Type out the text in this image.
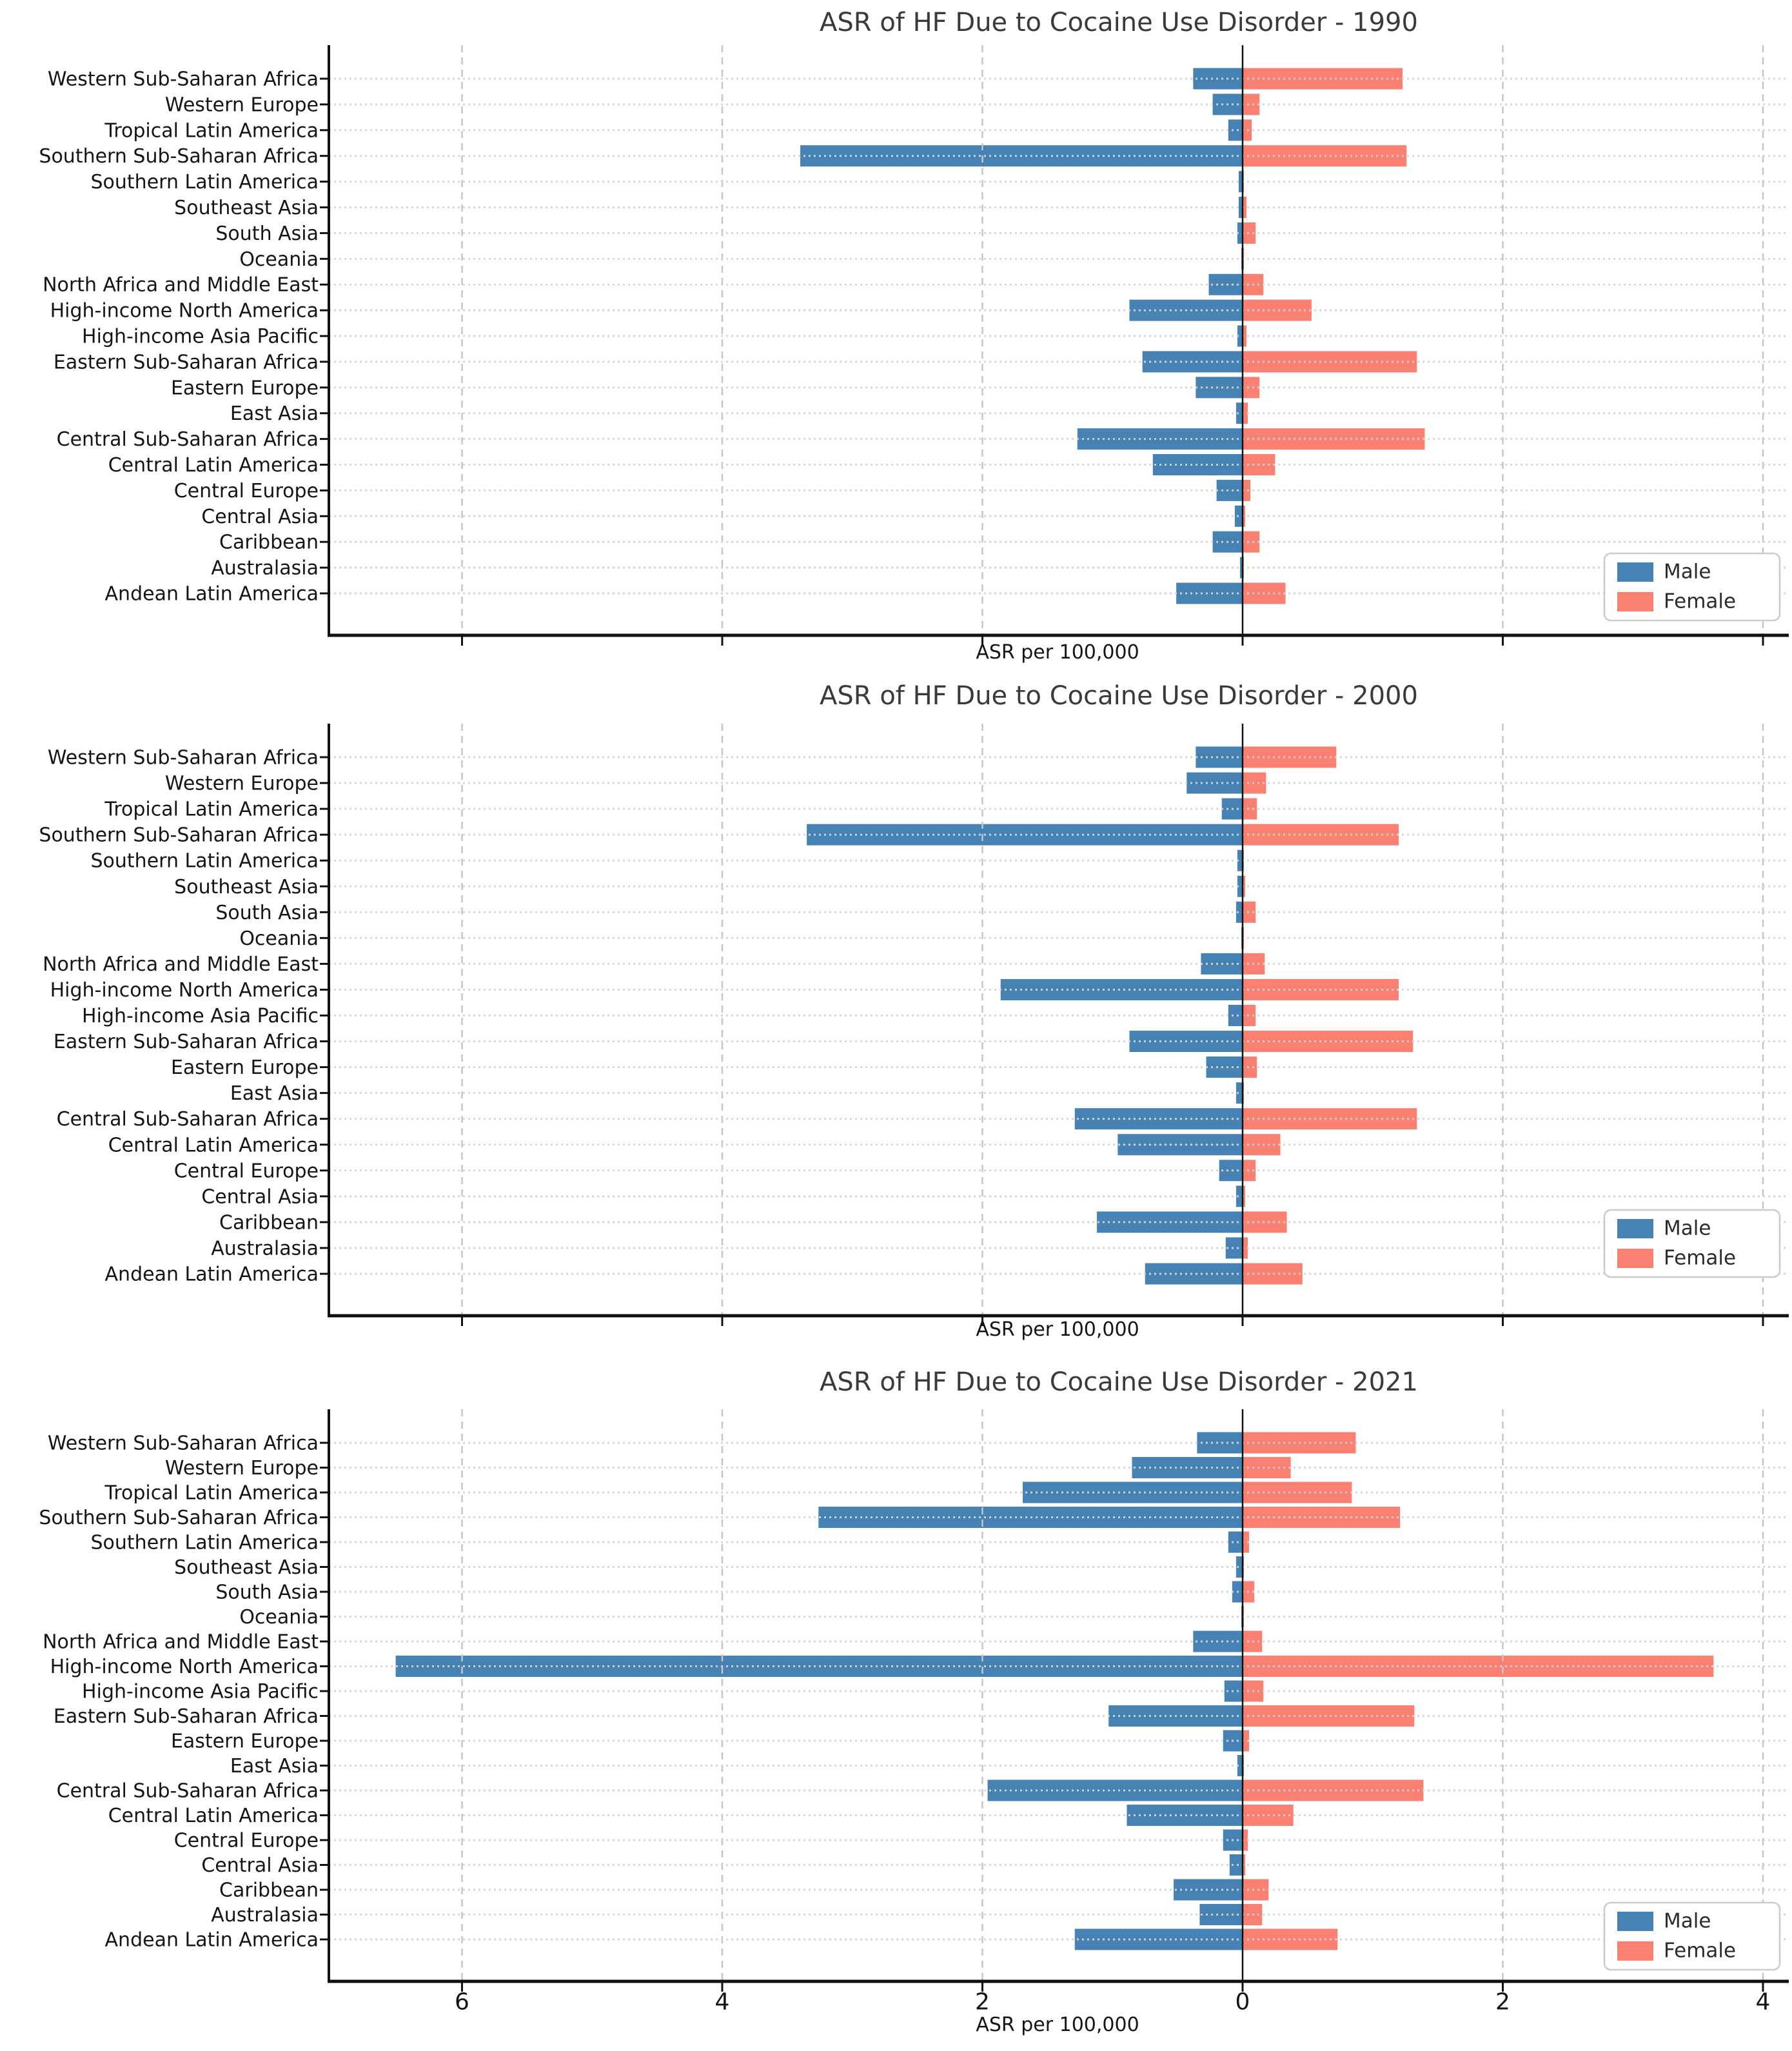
Western Sub-Saharan Africa
Western Europe
Tropical Latin America
Southern Sub-Saharan Africa
Southern Latin America
Southeast Asia
South Asia
Oceania
North Africa and Middle East
High-income North America
High-income Asia Pacific
Eastern Sub-Saharan Africa
Eastern Europe
East Asia
Central Sub-Saharan Africa
Central Latin America
Central Europe
Central Asia
Caribbean
Australasia
Andean Latin America
Male
Female
Western Sub-Saharan Africa
Western Europe
Tropical Latin America
Southern Sub-Saharan Africa
Southern Latin America
Southeast Asia
South Asia
Oceania
North Africa and Middle East
High-income North America
High-income Asia Pacific
Eastern Sub-Saharan Africa
Eastern Europe
East Asia
Central Sub-Saharan Africa
Central Latin America
Central Europe
Central Asia
Caribbean
Australasia
Andean Latin America
Male
Female
Western Sub-Saharan Africa
Western Europe
Tropical Latin America
Southern Sub-Saharan Africa
Southern Latin America
Southeast Asia
South Asia
Oceania
North Africa and Middle East
High-income North America
High-income Asia Pacific
Eastern Sub-Saharan Africa
Eastern Europe
East Asia
Central Sub-Saharan Africa
Central Latin America
Central Europe
Central Asia
Caribbean
Australasia
Andean Latin America
6	4	2	0	2	4
Male
Female
ASR of HF Due to Cocaine Use Disorder - 1990
ASR per 100,000
ASR of HF Due to Cocaine Use Disorder - 2000
ASR per 100,000
ASR of HF Due to Cocaine Use Disorder - 2021
ASR per 100,000
